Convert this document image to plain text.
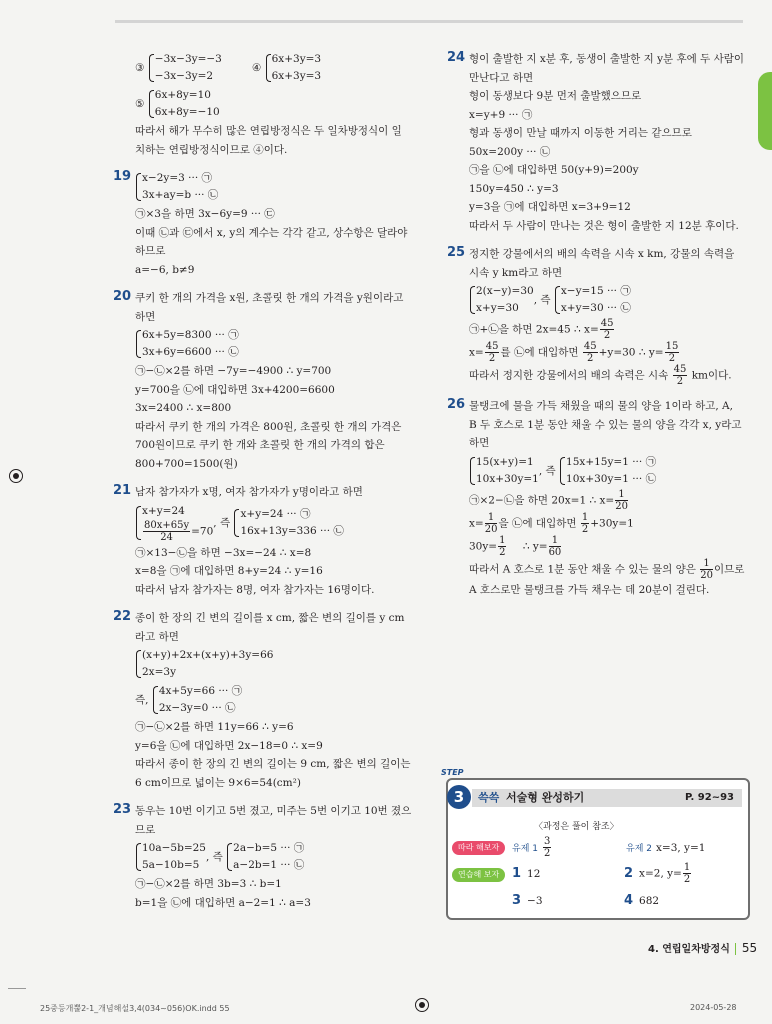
③
−3x−3y=−3
−3x−3y=2

④
6x+3y=3
6x+3y=3

⑤
6x+8y=10
6x+8y=−10

따라서 해가 무수히 많은 연립방정식은 두 일차방정식이 일

치하는 연립방정식이므로 ④이다.

19 x−2y=3 ··· ㉠
3x+ay=b ··· ㉡

㉠×3을 하면 3x−6y=9 ··· ㉢

이때 ㉡과 ㉢에서 x, y의 계수는 각각 같고, 상수항은 달라야

하므로

a=−6, b≠9

20 쿠키 한 개의 가격을 x원, 초콜릿 한 개의 가격을 y원이라고

하면

6x+5y=8300 ··· ㉠
3x+6y=6600 ··· ㉡

㉠−㉡×2를 하면 −7y=−4900 ∴ y=700

y=700을 ㉡에 대입하면 3x+4200=6600

3x=2400 ∴ x=800

따라서 쿠키 한 개의 가격은 800원, 초콜릿 한 개의 가격은

700원이므로 쿠키 한 개와 초콜릿 한 개의 가격의 합은

800+700=1500(원)

21 남자 참가자가 x명, 여자 참가자가 y명이라고 하면

x+y=24
$\frac{80x+65y}{24} =70$
, 즉
x+y=24 ··· ㉠
16x+13y=336 ··· ㉡

㉠×13−㉡을 하면 −3x=−24 ∴ x=8

x=8을 ㉠에 대입하면 8+y=24 ∴ y=16

따라서 남자 참가자는 8명, 여자 참가자는 16명이다.

22 종이 한 장의 긴 변의 길이를 x cm, 짧은 변의 길이를 y cm

라고 하면

(x+y)+2x+(x+y)+3y=66
2x=3y

즉,
4x+5y=66 ··· ㉠
2x−3y=0 ··· ㉡

㉠−㉡×2를 하면 11y=66 ∴ y=6

y=6을 ㉡에 대입하면 2x−18=0 ∴ x=9

따라서 종이 한 장의 긴 변의 길이는 9 cm, 짧은 변의 길이는

6 cm이므로 넓이는 9×6=54(cm²)

23 동우는 10번 이기고 5번 졌고, 미주는 5번 이기고 10번 졌으

므로

10a−5b=25
5a−10b=5
, 즉
2a−b=5 ··· ㉠
a−2b=1 ··· ㉡

㉠−㉡×2를 하면 3b=3 ∴ b=1

b=1을 ㉡에 대입하면 a−2=1 ∴ a=3

24 형이 출발한 지 x분 후, 동생이 출발한 지 y분 후에 두 사람이

만난다고 하면

형이 동생보다 9분 먼저 출발했으므로

x=y+9 ··· ㉠

형과 동생이 만날 때까지 이동한 거리는 같으므로

50x=200y ··· ㉡

㉠을 ㉡에 대입하면 50(y+9)=200y

150y=450 ∴ y=3

y=3을 ㉠에 대입하면 x=3+9=12

따라서 두 사람이 만나는 것은 형이 출발한 지 12분 후이다.

25 정지한 강물에서의 배의 속력을 시속 x km, 강물의 속력을

시속 y km라고 하면

2(x−y)=30
x+y=30
, 즉
x−y=15 ··· ㉠
x+y=30 ··· ㉡

㉠+㉡을 하면 2x=45 ∴ $x= \frac{45}{2}$

$x= \frac{45}{2}$ 를 ㉡에 대입하면 $\frac{45}{2} +y=30$ ∴ $y= \frac{15}{2}$

따라서 정지한 강물에서의 배의 속력은 시속 $\frac{45}{2}$ km이다.

26 물탱크에 물을 가득 채웠을 때의 물의 양을 1이라 하고, A,

B 두 호스로 1분 동안 채울 수 있는 물의 양을 각각 x, y라고

하면

15(x+y)=1
10x+30y=1
, 즉
15x+15y=1 ··· ㉠
10x+30y=1 ··· ㉡

㉠×2−㉡을 하면 20x=1 ∴ $x= \frac{1}{20}$

$x= \frac{1}{20}$ 을 ㉡에 대입하면 $\frac{1}{2} +30y=1$

$30y= \frac{1}{2}$ ∴ $y= \frac{1}{60}$

따라서 A 호스로 1분 동안 채울 수 있는 물의 양은 $\frac{1}{20}$ 이므로

A 호스로만 물탱크를 가득 채우는 데 20분이 걸린다.

STEP
쓱쓱 서술형 완성하기	P. 92~93
3
〈과정은 풀이 참조〉
따라 해보자
연습해 보자
유제 $1 \frac{3}{2}$	유제 2 x=3, y=1
1 12	2 x=2, $y= \frac{1}{2}$
3 −3	4 682
4. 연립일차방정식 55
25중등개뿔2-1_개념해설3,4(034~056)OK.indd 55	2024-05-28
